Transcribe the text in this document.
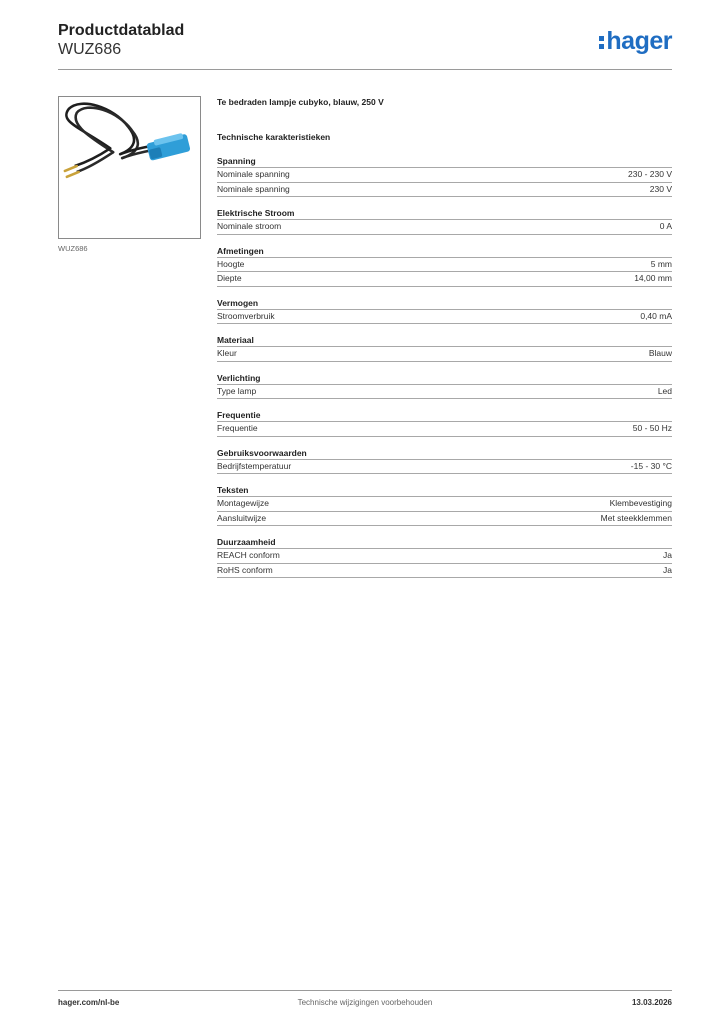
Productdatablad
WUZ686	hager
WUZ686
Te bedraden lampje cubyko, blauw, 250 V
Technische karakteristieken
Spanning
Nominale spanning	230 - 230 V
Nominale spanning	230 V
Elektrische Stroom
Nominale stroom	0 A
Afmetingen
Hoogte	5 mm
Diepte	14,00 mm
Vermogen
Stroomverbruik	0,40 mA
Materiaal
Kleur	Blauw
Verlichting
Type lamp	Led
Frequentie
Frequentie	50 - 50 Hz
Gebruiksvoorwaarden
Bedrijfstemperatuur	-15 - 30 °C
Teksten
Montagewijze	Klembevestiging
Aansluitwijze	Met steekklemmen
Duurzaamheid
REACH conform	Ja
RoHS conform	Ja
hager.com/nl-be	Technische wijzigingen voorbehouden	13.03.2026
